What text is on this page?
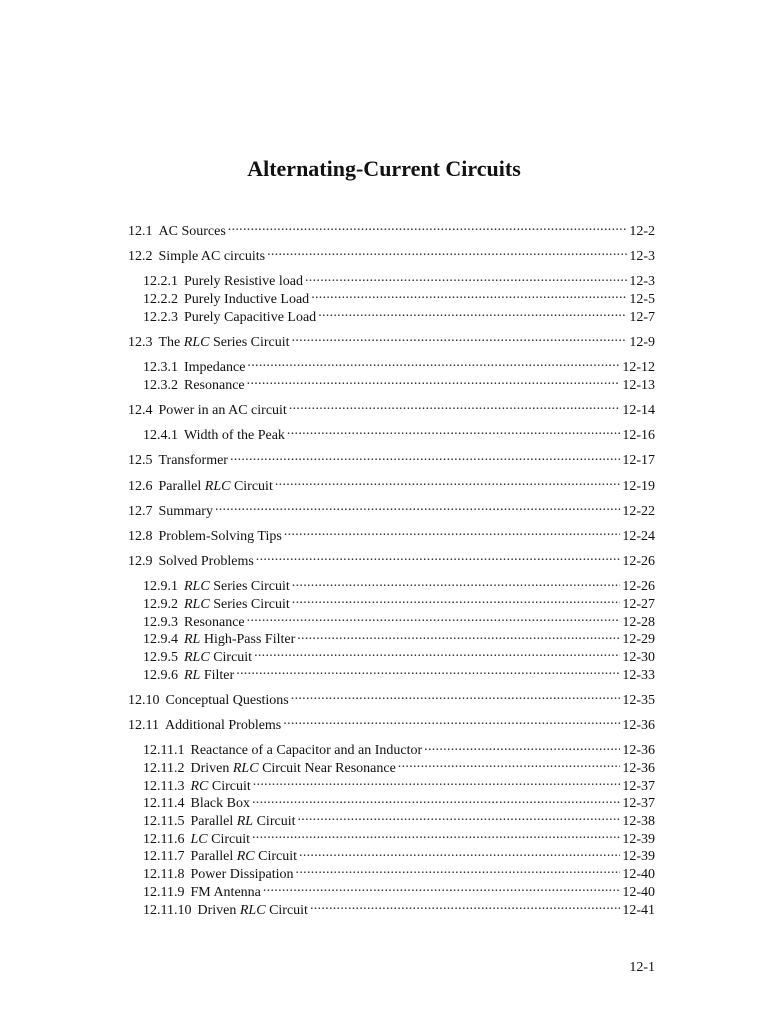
Alternating-Current Circuits
12.1 AC Sources .....	12-2
12.2 Simple AC circuits .....	12-3
12.2.1 Purely Resistive load .....	12-3
12.2.2 Purely Inductive Load .....	12-5
12.2.3 Purely Capacitive Load .....	12-7
12.3 The RLC Series Circuit .....	12-9
12.3.1 Impedance .....	12-12
12.3.2 Resonance .....	12-13
12.4 Power in an AC circuit .....	12-14
12.4.1 Width of the Peak .....	12-16
12.5 Transformer .....	12-17
12.6 Parallel RLC Circuit .....	12-19
12.7 Summary .....	12-22
12.8 Problem-Solving Tips .....	12-24
12.9 Solved Problems .....	12-26
12.9.1 RLC Series Circuit .....	12-26
12.9.2 RLC Series Circuit .....	12-27
12.9.3 Resonance .....	12-28
12.9.4 RL High-Pass Filter .....	12-29
12.9.5 RLC Circuit .....	12-30
12.9.6 RL Filter .....	12-33
12.10 Conceptual Questions .....	12-35
12.11 Additional Problems .....	12-36
12.11.1 Reactance of a Capacitor and an Inductor .....	12-36
12.11.2 Driven RLC Circuit Near Resonance .....	12-36
12.11.3 RC Circuit .....	12-37
12.11.4 Black Box .....	12-37
12.11.5 Parallel RL Circuit .....	12-38
12.11.6 LC Circuit .....	12-39
12.11.7 Parallel RC Circuit .....	12-39
12.11.8 Power Dissipation .....	12-40
12.11.9 FM Antenna .....	12-40
12.11.10 Driven RLC Circuit .....	12-41
12-1
